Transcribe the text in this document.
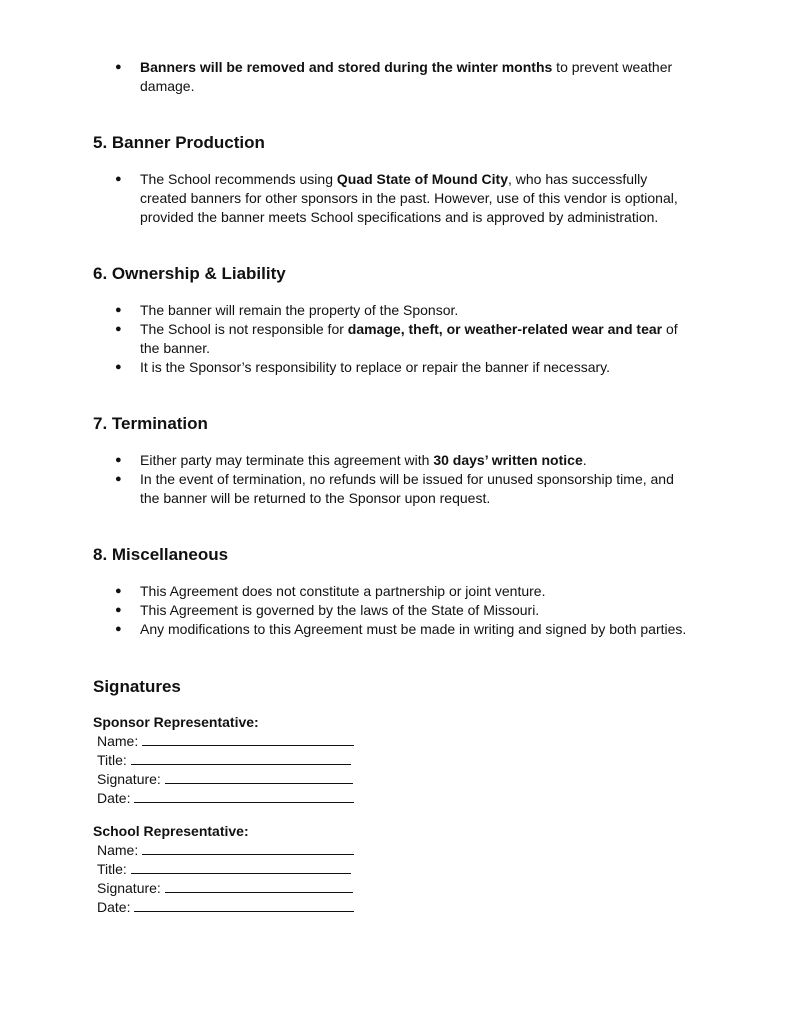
● Banners will be removed and stored during the winter months to prevent weather damage.
5. Banner Production
● The School recommends using Quad State of Mound City, who has successfully created banners for other sponsors in the past. However, use of this vendor is optional, provided the banner meets School specifications and is approved by administration.
6. Ownership & Liability
● The banner will remain the property of the Sponsor.
● The School is not responsible for damage, theft, or weather-related wear and tear of the banner.
● It is the Sponsor’s responsibility to replace or repair the banner if necessary.
7. Termination
● Either party may terminate this agreement with 30 days’ written notice.
● In the event of termination, no refunds will be issued for unused sponsorship time, and the banner will be returned to the Sponsor upon request.
8. Miscellaneous
● This Agreement does not constitute a partnership or joint venture.
● This Agreement is governed by the laws of the State of Missouri.
● Any modifications to this Agreement must be made in writing and signed by both parties.
Signatures
Sponsor Representative:
Name:
Title:
Signature:
Date:
School Representative:
Name:
Title:
Signature:
Date:
